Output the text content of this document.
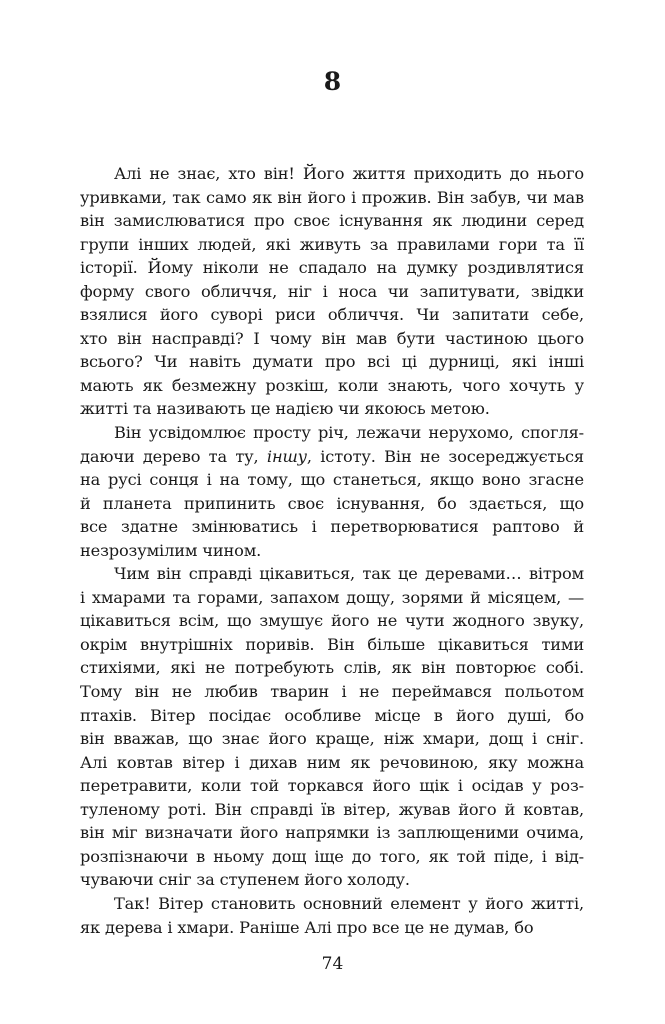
8

Алі не знає, хто він! Його життя приходить до нього
уривками, так само як він його і прожив. Він забув, чи мав
він замислюватися про своє існування як людини серед
групи інших людей, які живуть за правилами гори та її
історії. Йому ніколи не спадало на думку роздивлятися
форму свого обличчя, ніг і носа чи запитувати, звідки
взялися його суворі риси обличчя. Чи запитати себе,
хто він насправді? І чому він мав бути частиною цього
всього? Чи навіть думати про всі ці дурниці, які інші
мають як безмежну розкіш, коли знають, чого хочуть у
житті та називають це надією чи якоюсь метою.

Він усвідомлює просту річ, лежачи нерухомо, спогля-
даючи дерево та ту, іншу, істоту. Він не зосереджується
на русі сонця і на тому, що станеться, якщо воно згасне
й планета припинить своє існування, бо здається, що
все здатне змінюватись і перетворюватися раптово й
незрозумілим чином.

Чим він справді цікавиться, так це деревами… вітром
і хмарами та горами, запахом дощу, зорями й місяцем, —
цікавиться всім, що змушує його не чути жодного звуку,
окрім внутрішніх поривів. Він більше цікавиться тими
стихіями, які не потребують слів, як він повторює собі.
Тому він не любив тварин і не переймався польотом
птахів. Вітер посідає особливе місце в його душі, бо
він вважав, що знає його краще, ніж хмари, дощ і сніг.
Алі ковтав вітер і дихав ним як речовиною, яку можна
перетравити, коли той торкався його щік і осідав у роз-
туленому роті. Він справді їв вітер, жував його й ковтав,
він міг визначати його напрямки із заплющеними очима,
розпізнаючи в ньому дощ іще до того, як той піде, і від-
чуваючи сніг за ступенем його холоду.

Так! Вітер становить основний елемент у його житті,
як дерева і хмари. Раніше Алі про все це не думав, бо

74
